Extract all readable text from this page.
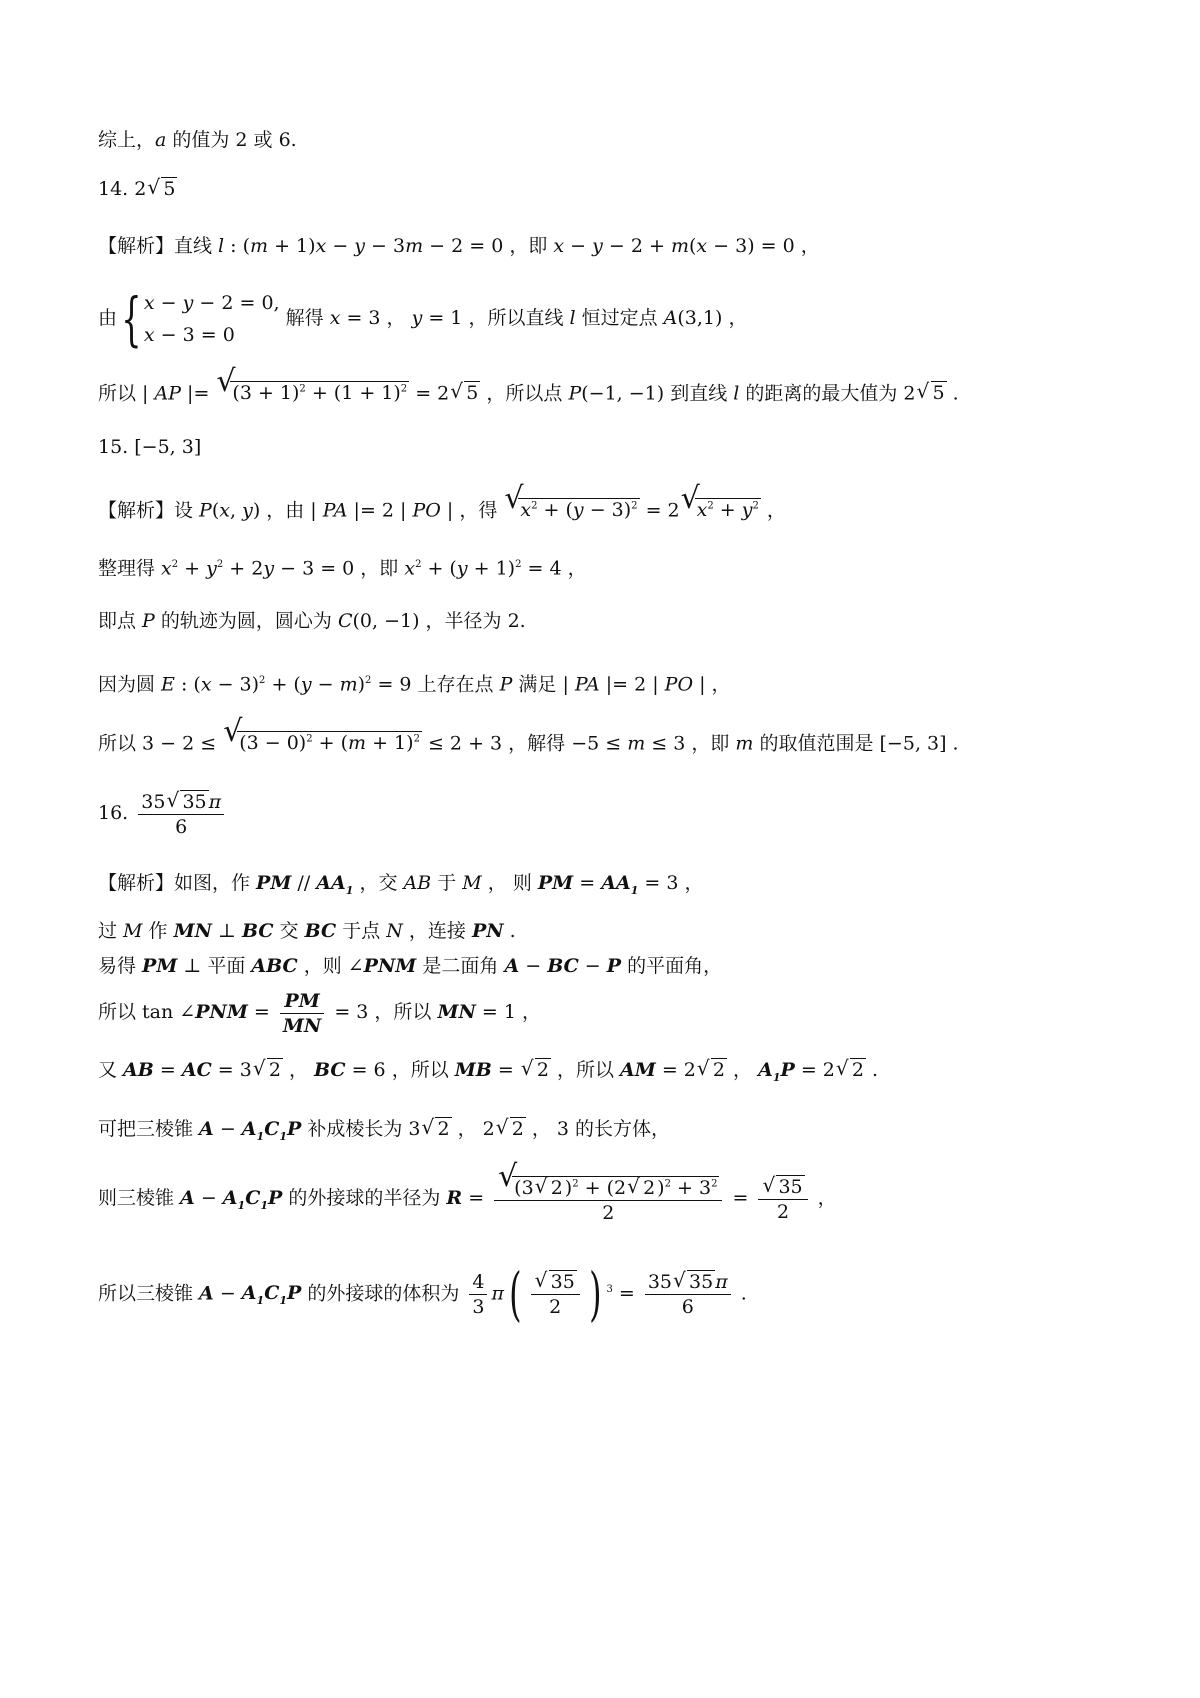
综上，a 的值为 2 或 6.
14. 2√ 5
【解析】直线 l : (m + 1)x − y − 3m − 2 = 0 ，即 x − y − 2 + m(x − 3) = 0 ，
由{ x − y − 2 = 0,
x − 3 = 0
解得 x = 3 ， y = 1 ，所以直线 l 恒过定点 A(3,1) ，
所以 | AP |= √ $(3 + 1)^2 + (1 + 1)^2 = 2√$ 5 ，所以点 P(−1, −1) 到直线 l 的距离的最大值为 2√ 5 .
15. [−5, 3]
【解析】设 P(x, y) ，由 | PA |= 2 | PO | ，得 √ $x^2 + (y - 3)^2 = 2√$ $x^2 + y^2$ ，
整理得 $x^2 + y^2 + 2y - 3 = 0$ ，即 $x^2 + (y + 1)^2 = 4$ ，
即点 P 的轨迹为圆，圆心为 C(0, −1) ，半径为 2.
因为圆 E : $(x - 3)^2 + (y - m)^2 = 9$ 上存在点 P 满足 | PA |= 2 | PO | ，
所以 3 − 2 ≤ √ $(3 - 0)^2 + (m + 1)^2 \le 2 + 3$ ，解得 −5 ≤ m ≤ 3 ，即 m 的取值范围是 [−5, 3] .
16. $\frac{35√ 35 \pi}{6}$
【解析】如图，作 PM // $AA_1$ ，交 AB 于 M ， 则 PM = $AA_1 = 3$ ，
过 M 作 MN ⊥ BC 交 BC 于点 N ，连接 PN .
易得 PM ⊥ 平面 ABC ，则 ∠PNM 是二面角 A − BC − P 的平面角，
所以 tan ∠PNM = $\frac{PM}{MN} = 3$ ，所以 MN = 1 ，
又 AB = AC = 3√ 2 ， BC = 6 ，所以 MB = √ 2 ，所以 AM = 2√ 2 ， $A_1P = 2√$ 2 .
可把三棱锥 $A - A_1C_1P$ 补成棱长为 3√ 2 ， 2√ 2 ， 3 的长方体，
则三棱锥 $A - A_1C_1P$ 的外接球的半径为 R =
√ $\frac{(3√ 2 )^2 + (2√ 2 )^2 + 3^2}{2}$ =
√ $\frac{35}{2}$ ，
所以三棱锥 $A - A_1C_1P$ 的外接球的体积为 $\frac{4}{3} \pi$(
√ $\frac{35}{2}$ ) $^3 = \frac{35√ 35 \pi}{6}$ .
